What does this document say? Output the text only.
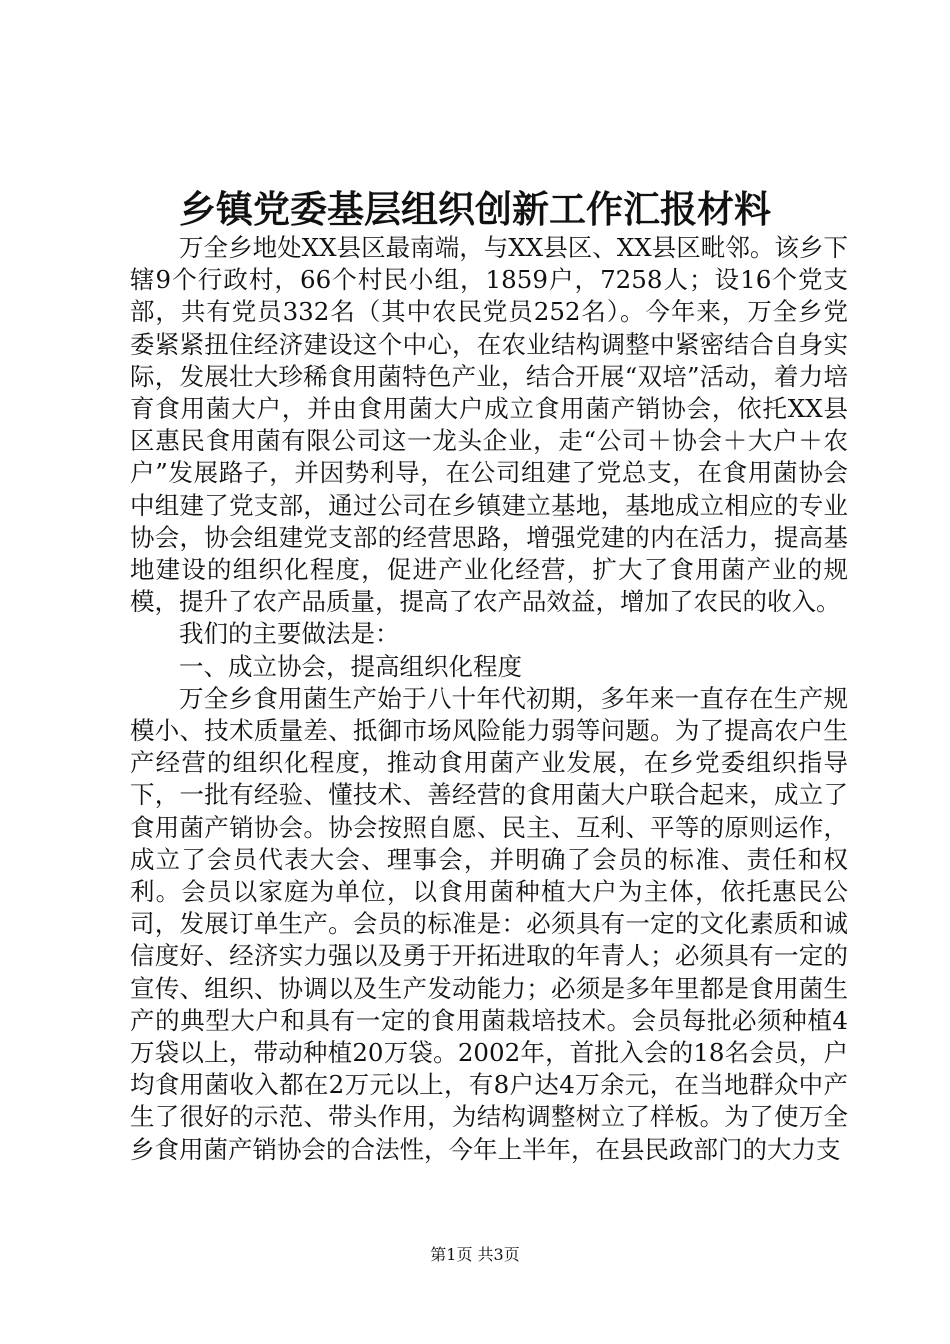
乡镇党委基层组织创新工作汇报材料

万全乡地处XX县区最南端，与XX县区、XX县区毗邻。该乡下辖9个行政村，66个村民小组，1859户，7258人；设16个党支部，共有党员332名（其中农民党员252名）。今年来，万全乡党委紧紧扭住经济建设这个中心，在农业结构调整中紧密结合自身实际，发展壮大珍稀食用菌特色产业，结合开展“双培”活动，着力培育食用菌大户，并由食用菌大户成立食用菌产销协会，依托XX县区惠民食用菌有限公司这一龙头企业，走“公司＋协会＋大户＋农户”发展路子，并因势利导，在公司组建了党总支，在食用菌协会中组建了党支部，通过公司在乡镇建立基地，基地成立相应的专业协会，协会组建党支部的经营思路，增强党建的内在活力，提高基地建设的组织化程度，促进产业化经营，扩大了食用菌产业的规模，提升了农产品质量，提高了农产品效益，增加了农民的收入。

我们的主要做法是：

一、成立协会，提高组织化程度

万全乡食用菌生产始于八十年代初期，多年来一直存在生产规模小、技术质量差、抵御市场风险能力弱等问题。为了提高农户生产经营的组织化程度，推动食用菌产业发展，在乡党委组织指导下，一批有经验、懂技术、善经营的食用菌大户联合起来，成立了食用菌产销协会。协会按照自愿、民主、互利、平等的原则运作，成立了会员代表大会、理事会，并明确了会员的标准、责任和权利。会员以家庭为单位，以食用菌种植大户为主体，依托惠民公司，发展订单生产。会员的标准是：必须具有一定的文化素质和诚信度好、经济实力强以及勇于开拓进取的年青人；必须具有一定的宣传、组织、协调以及生产发动能力；必须是多年里都是食用菌生产的典型大户和具有一定的食用菌栽培技术。会员每批必须种植4万袋以上，带动种植20万袋。2002年，首批入会的18名会员，户均食用菌收入都在2万元以上，有8户达4万余元，在当地群众中产生了很好的示范、带头作用，为结构调整树立了样板。为了使万全乡食用菌产销协会的合法性，今年上半年，在县民政部门的大力支

第1页 共3页
